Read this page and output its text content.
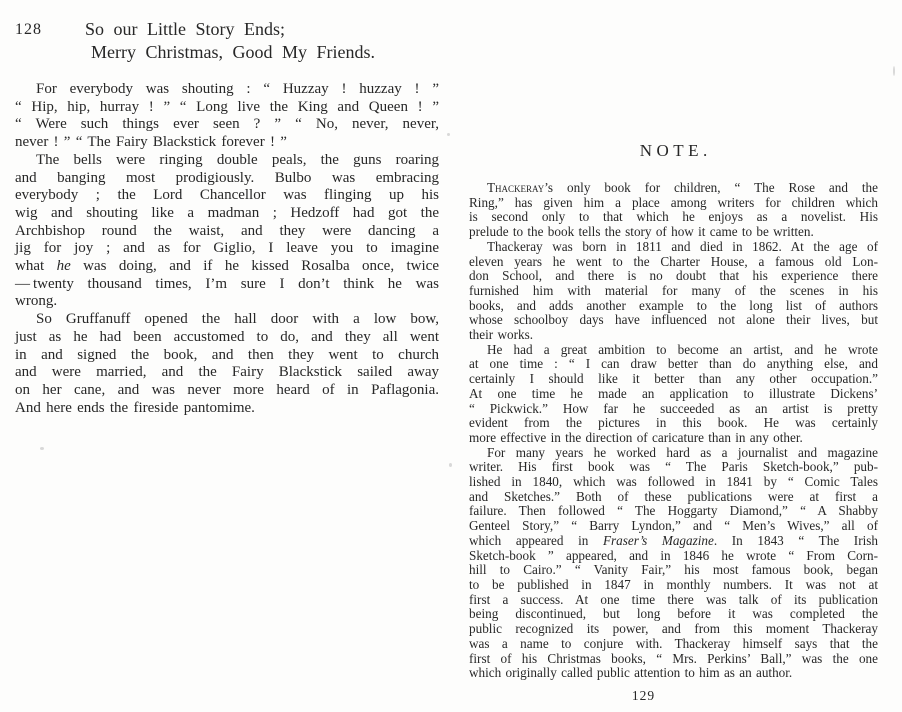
128 So our Little Story Ends;
Merry Christmas, Good My Friends.
For everybody was shouting : “ Huzzay ! huzzay ! ”
“ Hip, hip, hurray ! ” “ Long live the King and Queen ! ”
“ Were such things ever seen ? ” “ No, never, never,
never ! ” “ The Fairy Blackstick forever ! ”
The bells were ringing double peals, the guns roaring
and banging most prodigiously. Bulbo was embracing
everybody ; the Lord Chancellor was flinging up his
wig and shouting like a madman ; Hedzoff had got the
Archbishop round the waist, and they were dancing a
jig for joy ; and as for Giglio, I leave you to imagine
what he was doing, and if he kissed Rosalba once, twice
— twenty thousand times, I’m sure I don’t think he was
wrong.
So Gruffanuff opened the hall door with a low bow,
just as he had been accustomed to do, and they all went
in and signed the book, and then they went to church
and were married, and the Fairy Blackstick sailed away
on her cane, and was never more heard of in Paflagonia.
And here ends the fireside pantomime.
NOTE.
Thackeray’s only book for children, “ The Rose and the
Ring,” has given him a place among writers for children which
is second only to that which he enjoys as a novelist. His
prelude to the book tells the story of how it came to be written.
Thackeray was born in 1811 and died in 1862. At the age of
eleven years he went to the Charter House, a famous old Lon-
don School, and there is no doubt that his experience there
furnished him with material for many of the scenes in his
books, and adds another example to the long list of authors
whose schoolboy days have influenced not alone their lives, but
their works.
He had a great ambition to become an artist, and he wrote
at one time : “ I can draw better than do anything else, and
certainly I should like it better than any other occupation.”
At one time he made an application to illustrate Dickens’
“ Pickwick.” How far he succeeded as an artist is pretty
evident from the pictures in this book. He was certainly
more effective in the direction of caricature than in any other.
For many years he worked hard as a journalist and magazine
writer. His first book was “ The Paris Sketch-book,” pub-
lished in 1840, which was followed in 1841 by “ Comic Tales
and Sketches.” Both of these publications were at first a
failure. Then followed “ The Hoggarty Diamond,” “ A Shabby
Genteel Story,” “ Barry Lyndon,” and “ Men’s Wives,” all of
which appeared in Fraser’s Magazine. In 1843 “ The Irish
Sketch-book ” appeared, and in 1846 he wrote “ From Corn-
hill to Cairo.” “ Vanity Fair,” his most famous book, began
to be published in 1847 in monthly numbers. It was not at
first a success. At one time there was talk of its publication
being discontinued, but long before it was completed the
public recognized its power, and from this moment Thackeray
was a name to conjure with. Thackeray himself says that the
first of his Christmas books, “ Mrs. Perkins’ Ball,” was the one
which originally called public attention to him as an author.
129
